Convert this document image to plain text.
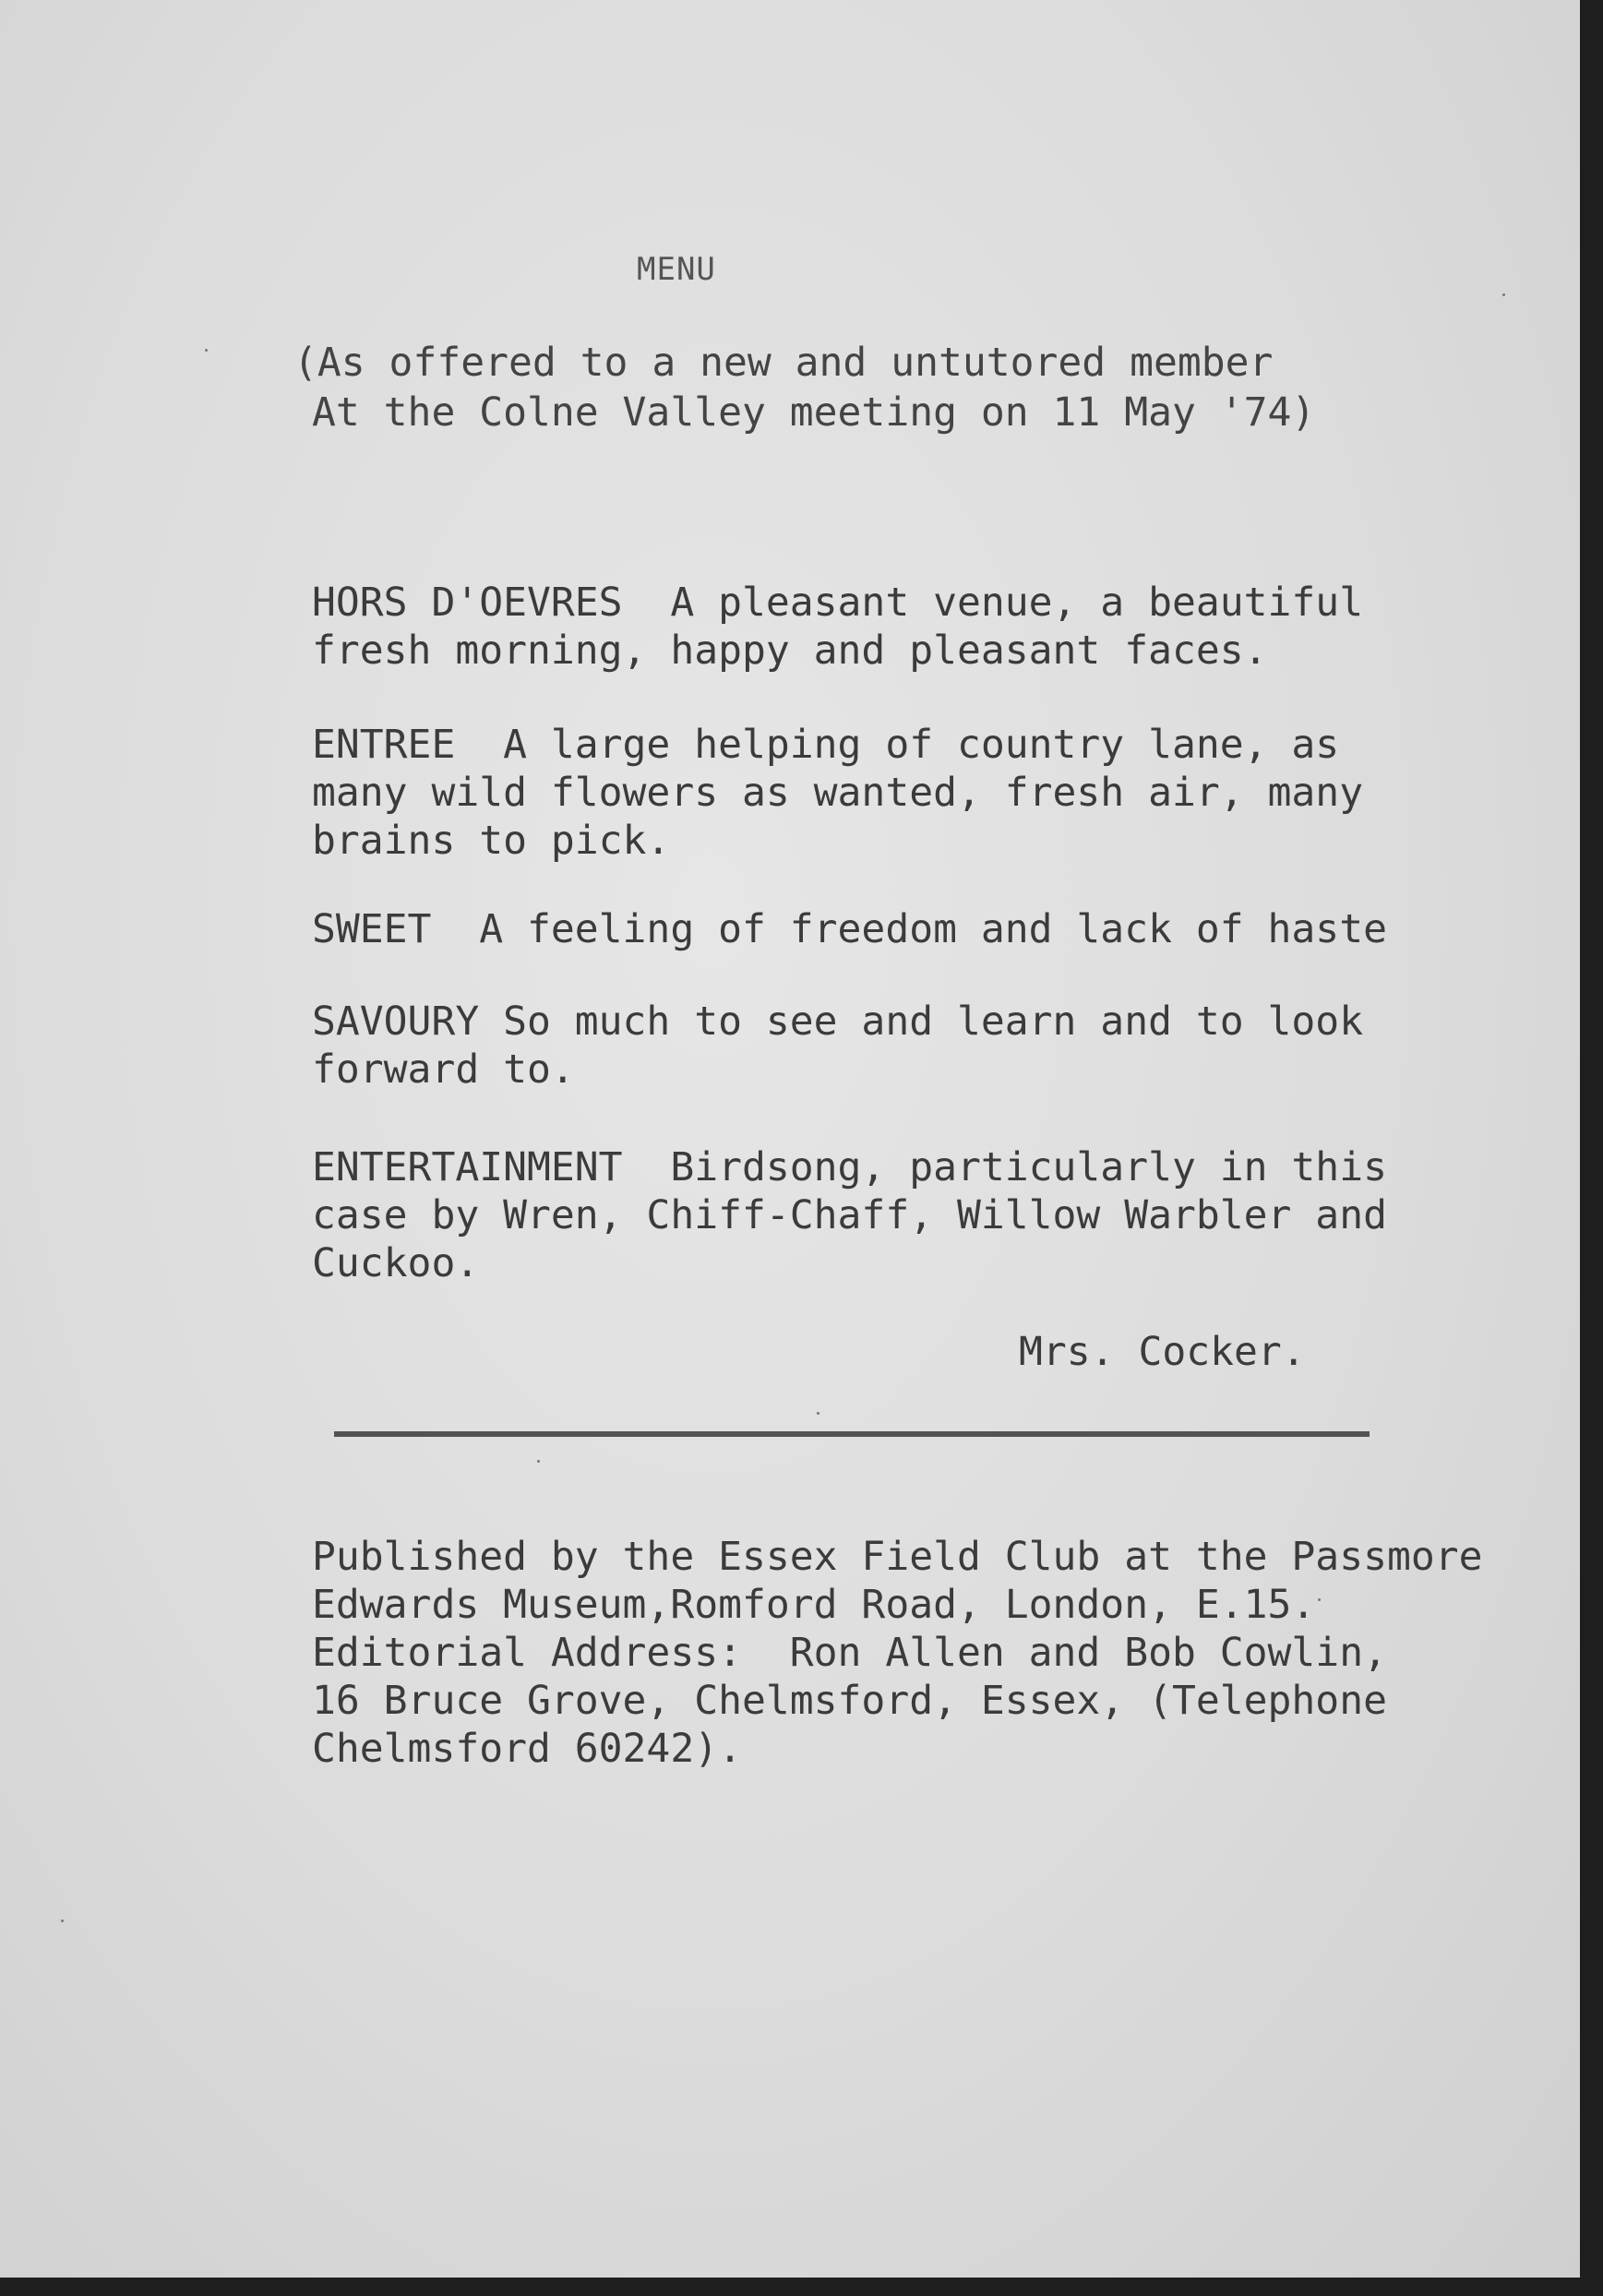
MENU
(As offered to a new and untutored member
At the Colne Valley meeting on 11 May '74)
HORS D'OEVRES  A pleasant venue, a beautiful
fresh morning, happy and pleasant faces.
ENTREE  A large helping of country lane, as
many wild flowers as wanted, fresh air, many
brains to pick.
SWEET  A feeling of freedom and lack of haste
SAVOURY So much to see and learn and to look
forward to.
ENTERTAINMENT  Birdsong, particularly in this
case by Wren, Chiff-Chaff, Willow Warbler and
Cuckoo.
Mrs. Cocker.
Published by the Essex Field Club at the Passmore
Edwards Museum,Romford Road, London, E.15.
Editorial Address:  Ron Allen and Bob Cowlin,
16 Bruce Grove, Chelmsford, Essex, (Telephone
Chelmsford 60242).
